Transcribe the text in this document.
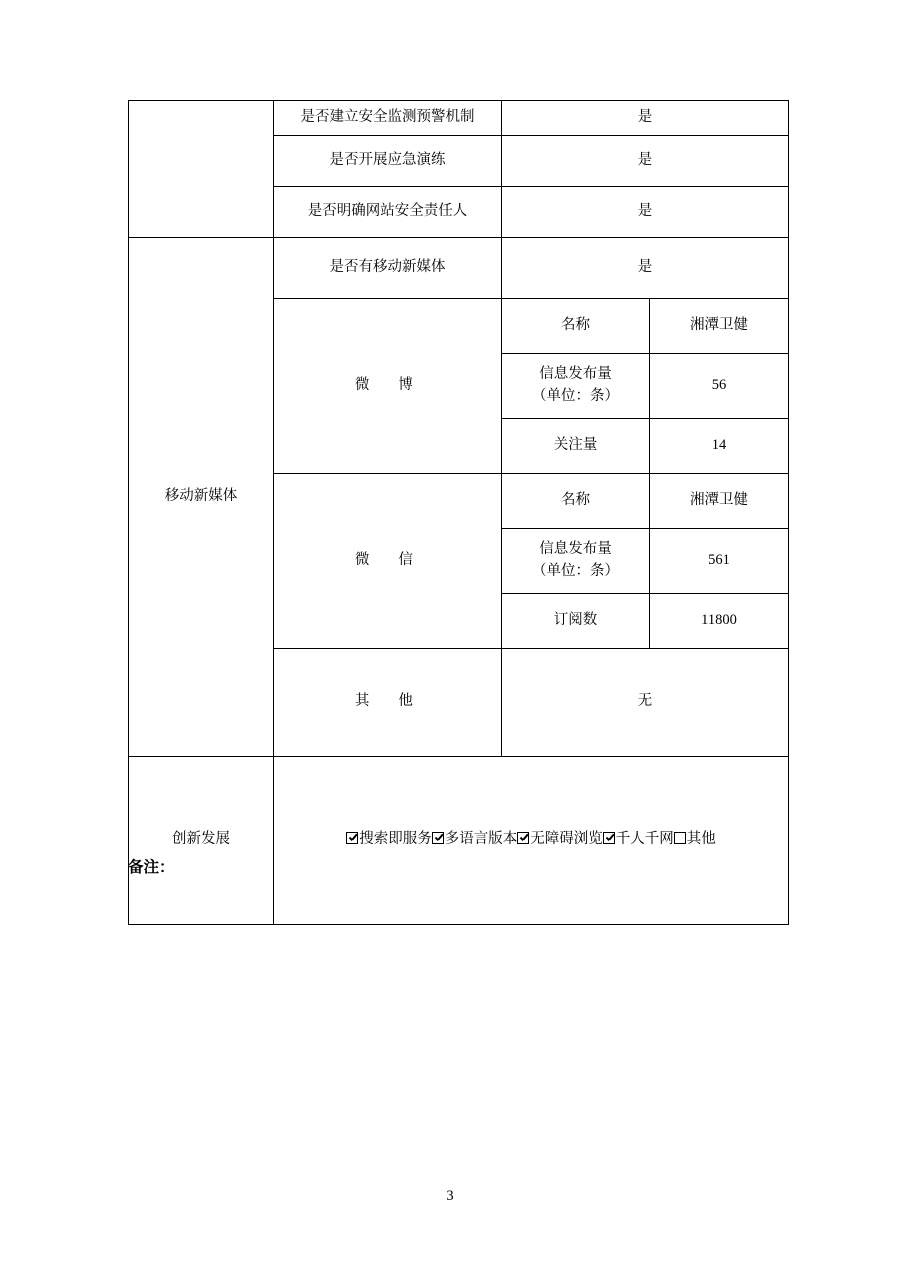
	是否建立安全监测预警机制	是	
	是否开展应急演练	是	
	是否明确网站安全责任人	是	
移动新媒体	是否有移动新媒体	是	
	微　博	名称	湘潭卫健

		信息发布量
（单位：条）	56
		关注量	14
	微　信	名称	湘潭卫健

		信息发布量
（单位：条）	561
		订阅数	11800
	其　他	无	
创新发展	搜索即服务 多语言版本 无障碍浏览 千人千网 其他		
备注：
3
